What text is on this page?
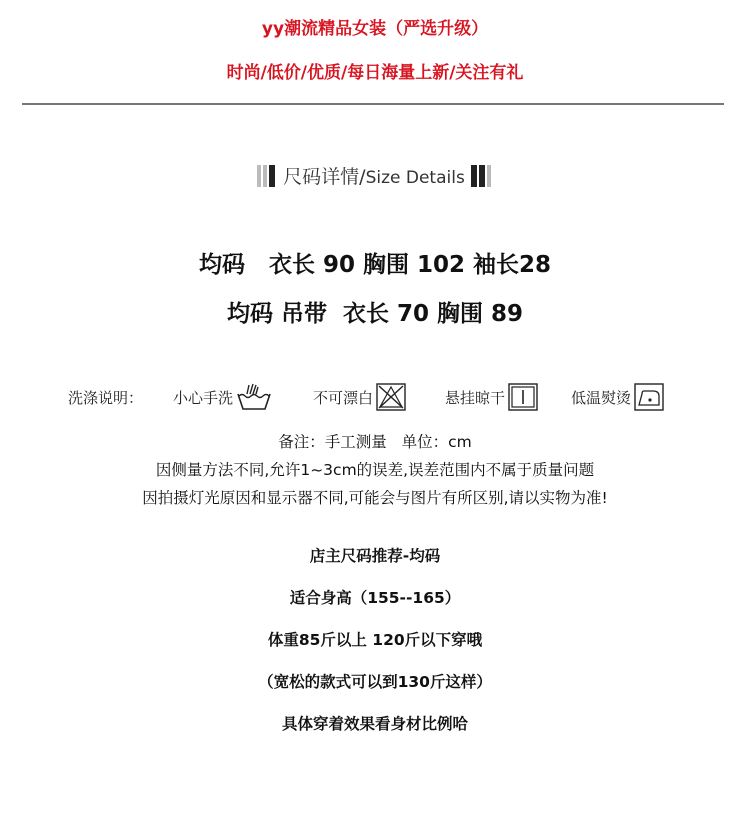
yy潮流精品女装（严选升级）
时尚/低价/优质/每日海量上新/关注有礼
尺码详情/Size Details
均码   衣长 90 胸围 102 袖长28
均码 吊带  衣长 70 胸围 89
洗涤说明： 小心手洗	不可漂白	悬挂晾干	低温熨烫
备注：手工测量   单位：cm
因侧量方法不同,允许1~3cm的误差,误差范围内不属于质量问题
因拍摄灯光原因和显示器不同,可能会与图片有所区别,请以实物为准!
店主尺码推荐-均码
适合身高（155--165）
体重85斤以上 120斤以下穿哦
（宽松的款式可以到130斤这样）
具体穿着效果看身材比例哈
